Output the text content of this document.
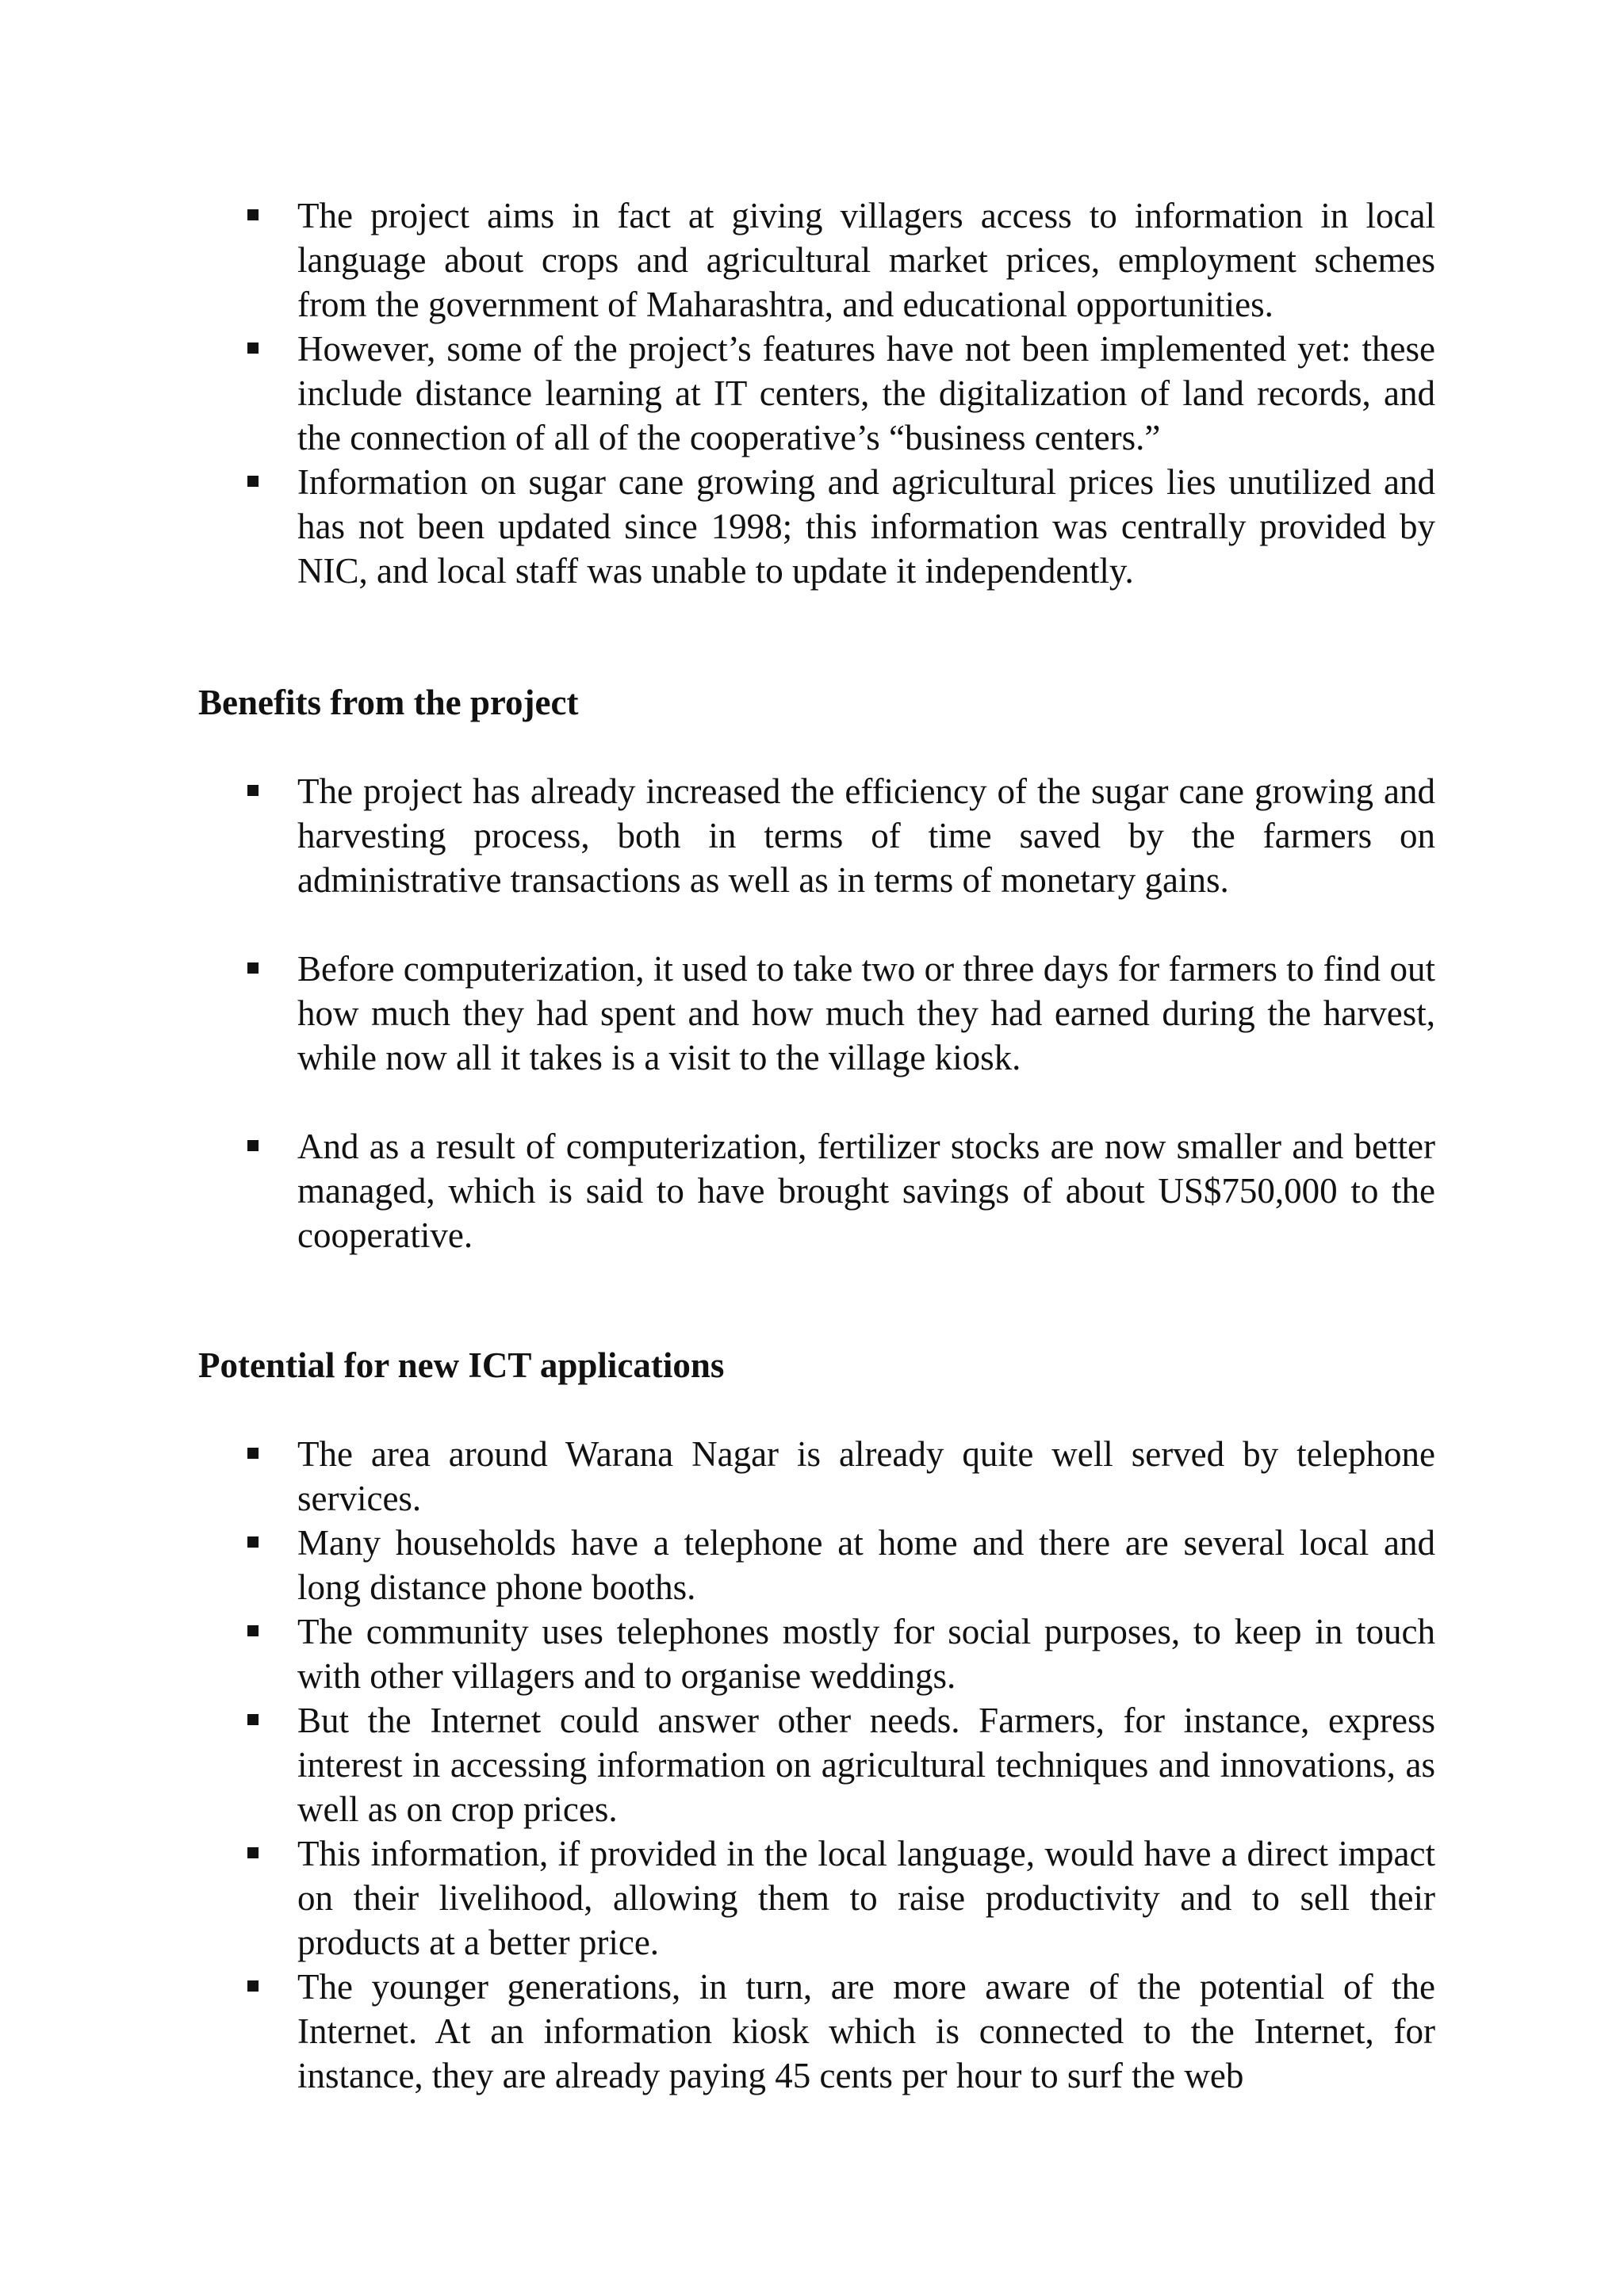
The project aims in fact at giving villagers access to information in local language about crops and agricultural market prices, employment schemes from the government of Maharashtra, and educational opportunities.
However, some of the project’s features have not been implemented yet: these include distance learning at IT centers, the digitalization of land records, and the connection of all of the cooperative’s “business centers.”
Information on sugar cane growing and agricultural prices lies unutilized and has not been updated since 1998; this information was centrally provided by NIC, and local staff was unable to update it independently.
Benefits from the project
The project has already increased the efficiency of the sugar cane growing and harvesting process, both in terms of time saved by the farmers on administrative transactions as well as in terms of monetary gains.
Before computerization, it used to take two or three days for farmers to find out how much they had spent and how much they had earned during the harvest, while now all it takes is a visit to the village kiosk.
And as a result of computerization, fertilizer stocks are now smaller and better managed, which is said to have brought savings of about US$750,000 to the cooperative.
Potential for new ICT applications
The area around Warana Nagar is already quite well served by telephone services.
Many households have a telephone at home and there are several local and long distance phone booths.
The community uses telephones mostly for social purposes, to keep in touch with other villagers and to organise weddings.
But the Internet could answer other needs. Farmers, for instance, express interest in accessing information on agricultural techniques and innovations, as well as on crop prices.
This information, if provided in the local language, would have a direct impact on their livelihood, allowing them to raise productivity and to sell their products at a better price.
The younger generations, in turn, are more aware of the potential of the Internet. At an information kiosk which is connected to the Internet, for instance, they are already paying 45 cents per hour to surf the web
